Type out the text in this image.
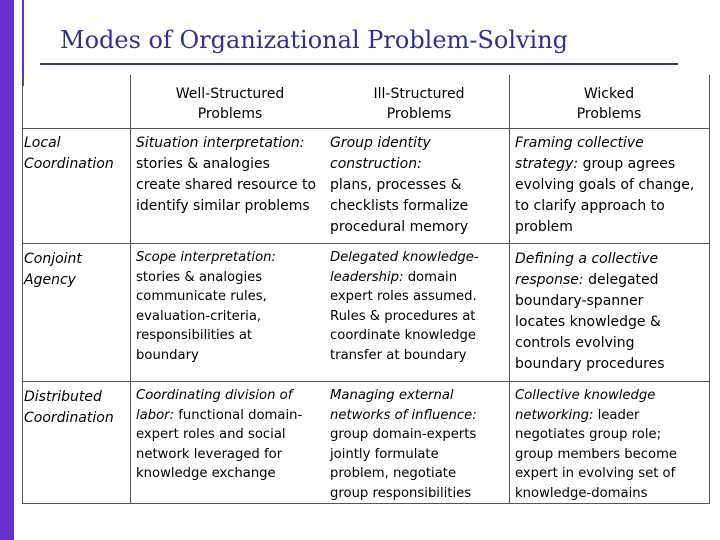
Modes of Organizational Problem-Solving
Well-Structured
Problems
Ill-Structured
Problems
Wicked
Problems
Local
Coordination
Situation interpretation:
stories & analogies
create shared resource to
identify similar problems
Group identity
construction:
plans, processes &
checklists formalize
procedural memory
Framing collective
strategy: group agrees
evolving goals of change,
to clarify approach to
problem
Conjoint
Agency
Scope interpretation:
stories & analogies
communicate rules,
evaluation-criteria,
responsibilities at
boundary
Delegated knowledge-
leadership: domain
expert roles assumed.
Rules & procedures at
coordinate knowledge
transfer at boundary
Defining a collective
response: delegated
boundary-spanner
locates knowledge &
controls evolving
boundary procedures
Distributed
Coordination
Coordinating division of
labor: functional domain-
expert roles and social
network leveraged for
knowledge exchange
Managing external
networks of influence:
group domain-experts
jointly formulate
problem, negotiate
group responsibilities
Collective knowledge
networking: leader
negotiates group role;
group members become
expert in evolving set of
knowledge-domains
